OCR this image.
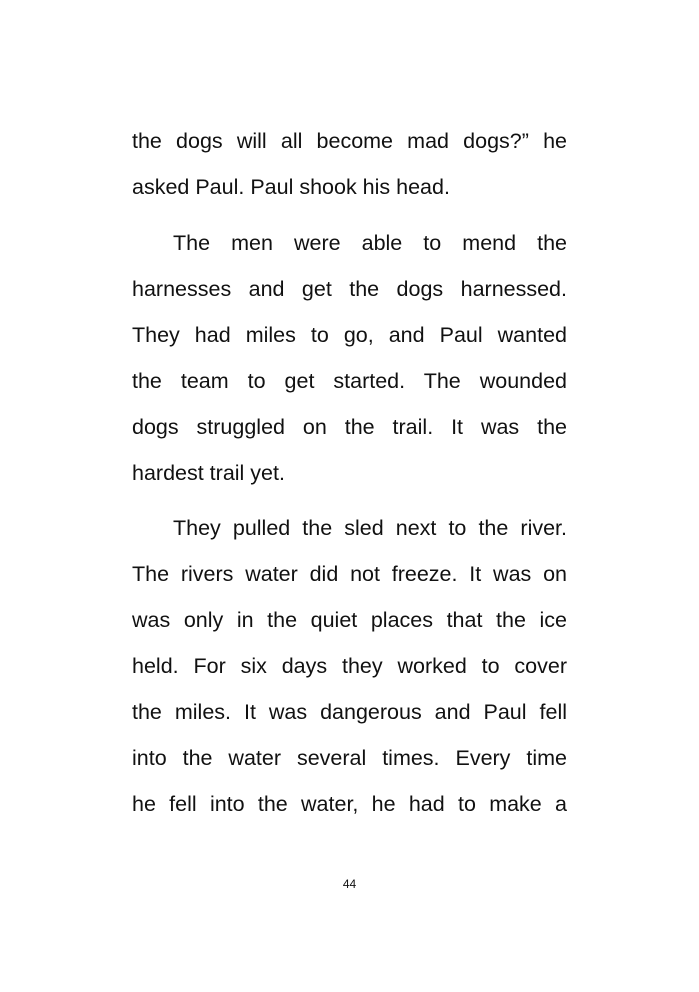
the dogs will all become mad dogs?” he
asked Paul. Paul shook his head.
The men were able to mend the
harnesses and get the dogs harnessed.
They had miles to go, and Paul wanted
the team to get started. The wounded
dogs struggled on the trail. It was the
hardest trail yet.
They pulled the sled next to the river.
The rivers water did not freeze. It was on
was only in the quiet places that the ice
held. For six days they worked to cover
the miles. It was dangerous and Paul fell
into the water several times. Every time
he fell into the water, he had to make a
44
